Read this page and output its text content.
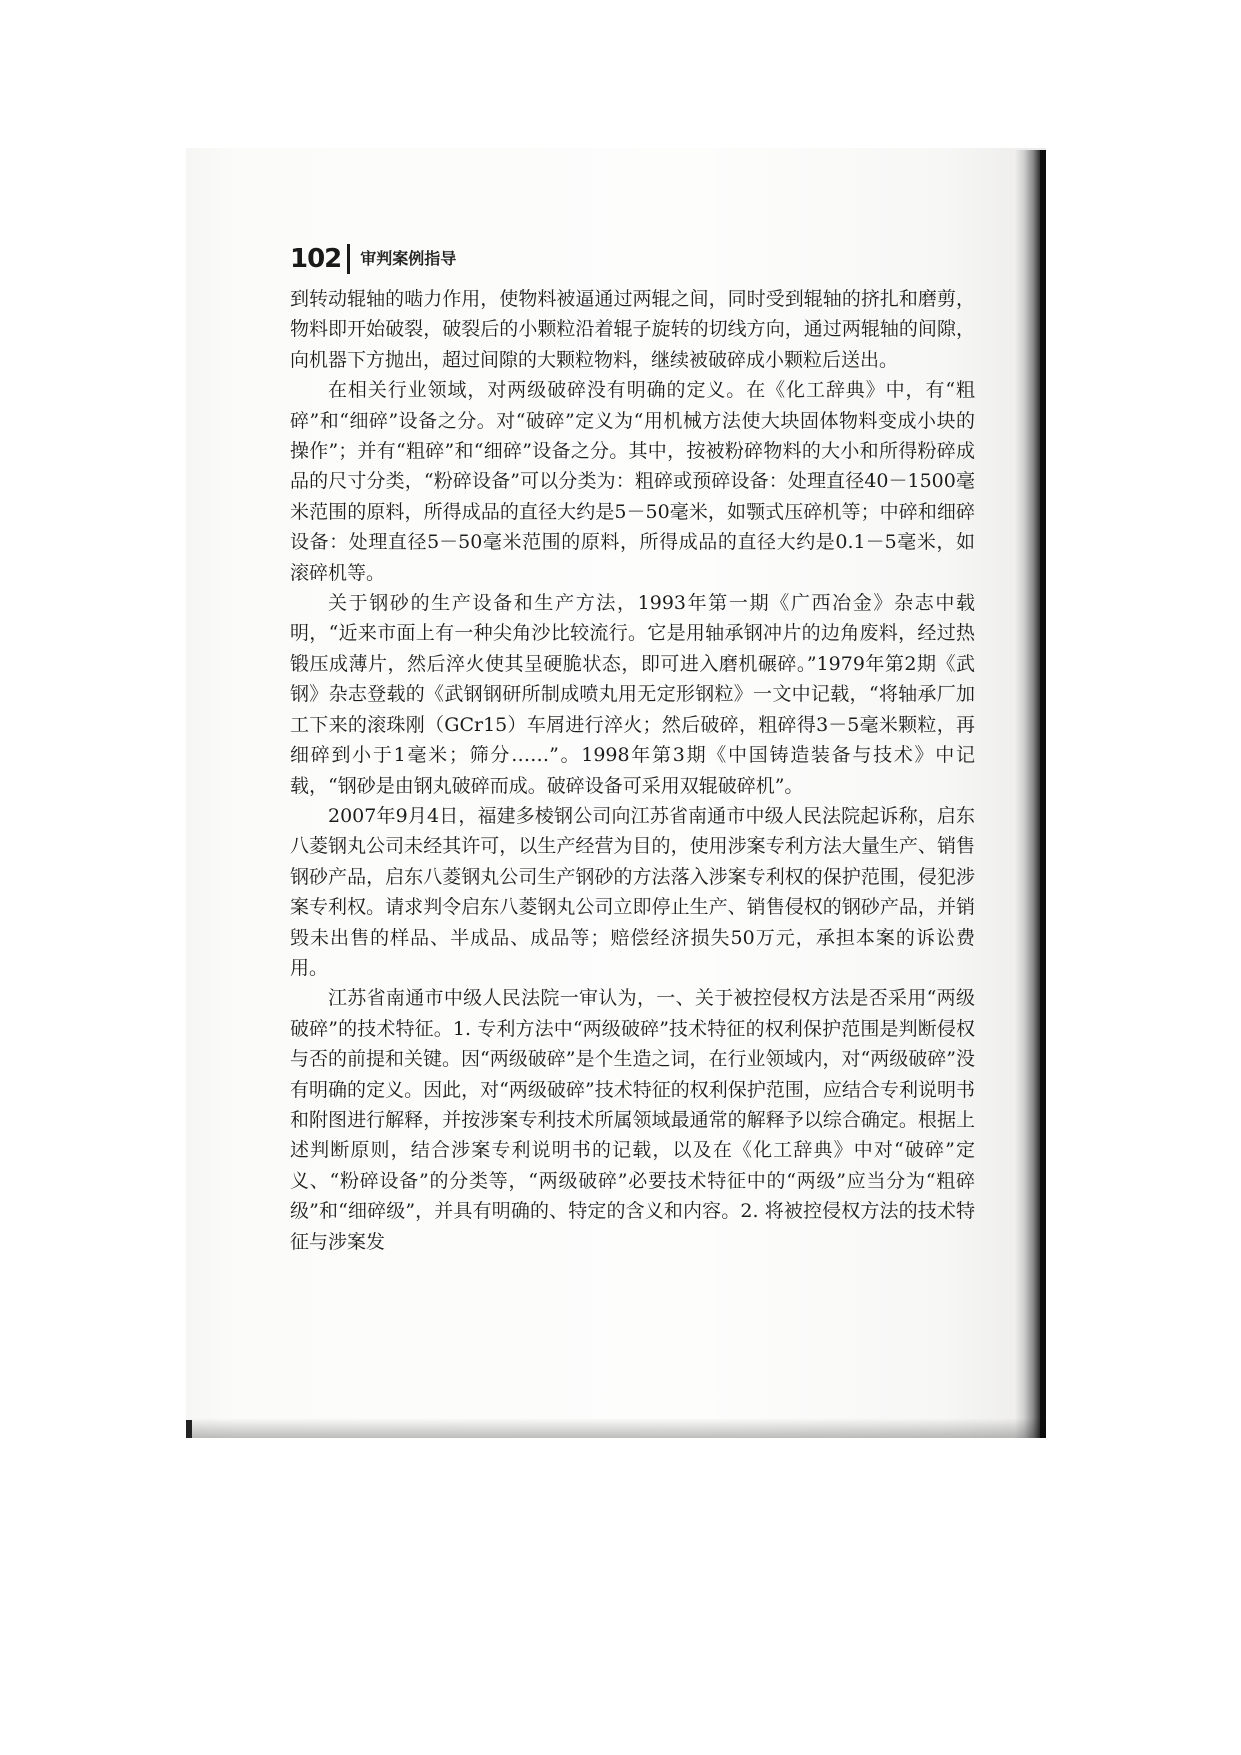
102 审判案例指导

到转动辊轴的啮力作用，使物料被逼通过两辊之间，同时受到辊轴的挤扎和磨剪，物料即开始破裂，破裂后的小颗粒沿着辊子旋转的切线方向，通过两辊轴的间隙，向机器下方抛出，超过间隙的大颗粒物料，继续被破碎成小颗粒后送出。

在相关行业领域，对两级破碎没有明确的定义。在《化工辞典》中，有“粗碎”和“细碎”设备之分。对“破碎”定义为“用机械方法使大块固体物料变成小块的操作”；并有“粗碎”和“细碎”设备之分。其中，按被粉碎物料的大小和所得粉碎成品的尺寸分类，“粉碎设备”可以分类为：粗碎或预碎设备：处理直径40－1500毫米范围的原料，所得成品的直径大约是5－50毫米，如颚式压碎机等；中碎和细碎设备：处理直径5－50毫米范围的原料，所得成品的直径大约是0.1－5毫米，如滚碎机等。

关于钢砂的生产设备和生产方法，1993年第一期《广西冶金》杂志中载明，“近来市面上有一种尖角沙比较流行。它是用轴承钢冲片的边角废料，经过热锻压成薄片，然后淬火使其呈硬脆状态，即可进入磨机碾碎。”1979年第2期《武钢》杂志登载的《武钢钢研所制成喷丸用无定形钢粒》一文中记载，“将轴承厂加工下来的滚珠刚（GCr15）车屑进行淬火；然后破碎，粗碎得3－5毫米颗粒，再细碎到小于1毫米；筛分……”。1998年第3期《中国铸造装备与技术》中记载，“钢砂是由钢丸破碎而成。破碎设备可采用双辊破碎机”。

2007年9月4日，福建多棱钢公司向江苏省南通市中级人民法院起诉称，启东八菱钢丸公司未经其许可，以生产经营为目的，使用涉案专利方法大量生产、销售钢砂产品，启东八菱钢丸公司生产钢砂的方法落入涉案专利权的保护范围，侵犯涉案专利权。请求判令启东八菱钢丸公司立即停止生产、销售侵权的钢砂产品，并销毁未出售的样品、半成品、成品等；赔偿经济损失50万元，承担本案的诉讼费用。

江苏省南通市中级人民法院一审认为，一、关于被控侵权方法是否采用“两级破碎”的技术特征。1. 专利方法中“两级破碎”技术特征的权利保护范围是判断侵权与否的前提和关键。因“两级破碎”是个生造之词，在行业领域内，对“两级破碎”没有明确的定义。因此，对“两级破碎”技术特征的权利保护范围，应结合专利说明书和附图进行解释，并按涉案专利技术所属领域最通常的解释予以综合确定。根据上述判断原则，结合涉案专利说明书的记载，以及在《化工辞典》中对“破碎”定义、“粉碎设备”的分类等，“两级破碎”必要技术特征中的“两级”应当分为“粗碎级”和“细碎级”，并具有明确的、特定的含义和内容。2. 将被控侵权方法的技术特征与涉案发
